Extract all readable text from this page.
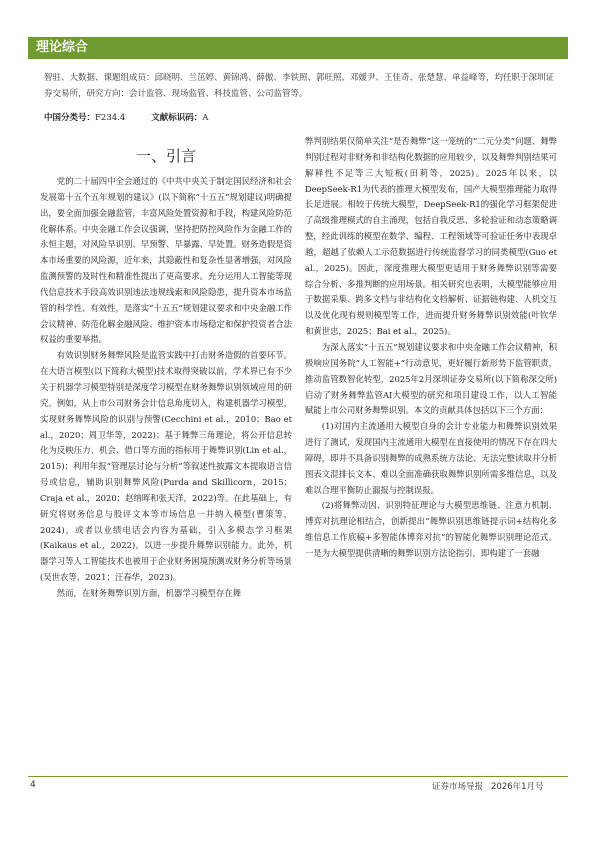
理论综合
智驻、大数据、课题组成员：邱晓明、兰茁婷、黄锦鸿、薛傲、李铁照、郭旺照、邓媛尹、王佳奇、张楚慧、单益峰等，均任职于深圳证券交易所，研究方向：会计监管、现场监管、科技监管、公司监管等。
中国分类号：F234.4	文献标识码：A
一、引言

党的二十届四中全会通过的《中共中央关于制定国民经济和社会发展第十五个五年规划的建议》(以下简称“十五五”规划建议)明确提出，要全面加强金融监管，丰富风险处置资源和手段，构建风险防范化解体系。中央金融工作会议强调，坚持把防控风险作为金融工作的永恒主题，对风险早识别、早预警、早暴露、早处置。财务造假是资本市场重要的风险源，近年来，其隐蔽性和复杂性显著增强，对风险监测预警的及时性和精准性提出了更高要求。充分运用人工智能等现代信息技术手段高效识别违法违规线索和风险隐患，提升资本市场监管的科学性、有效性，是落实“十五五”规划建议要求和中央金融工作会议精神、防范化解金融风险、维护资本市场稳定和保护投资者合法权益的重要举措。

有效识别财务舞弊风险是监管实践中打击财务造假的首要环节。在大语言模型(以下简称大模型)技术取得突破以前，学术界已有不少关于机器学习模型特别是深度学习模型在财务舞弊识别领域应用的研究。例如，从上市公司财务会计信息角度切入，构建机器学习模型，实现财务舞弊风险的识别与预警(Cecchini et al.，2010；Bao et al.，2020；周卫华等，2022)；基于舞弊三角理论，将公开信息转化为反映压力、机会、借口等方面的指标用于舞弊识别(Lin et al.，2015)；利用年报“管理层讨论与分析”等叙述性披露文本提取语言信号或信息，辅助识别舞弊风险(Purda and Skillicorn，2015；Craja et al.，2020；赵纳晖和张天洋，2022)等。在此基础上，有研究将财务信息与股评文本等市场信息一并纳入模型(曹策等，2024)，或者以业绩电话会内容为基础，引入多模态学习框架(Kaikaus et al.，2022)，以进一步提升舞弊识别能力。此外，机器学习等人工智能技术也被用于企业财务困境预测或财务分析等场景(吴世农等，2021；汪春华，2023)。

然而，在财务舞弊识别方面，机器学习模型存在舞

弊判别结果仅简单关注“是否舞弊”这一笼统的“二元分类”问题、舞弊判别过程对非财务和非结构化数据的应用较少，以及舞弊判别结果可解释性不足等三大短板(田莉等，2025)。2025年以来，以DeepSeek-R1为代表的推理大模型发布，国产大模型推理能力取得长足进展。相较于传统大模型，DeepSeek-R1的强化学习框架促进了高级推理模式的自主涌现，包括自我反思、多轮验证和动态策略调整，经此训练的模型在数学、编程、工程领域等可验证任务中表现卓越，超越了依赖人工示范数据进行传统监督学习的同类模型(Guo et al.，2025)。因此，深度推理大模型更适用于财务舞弊识别等需要综合分析、多推判断的应用场景。相关研究也表明，大模型能够应用于数据采集、跨多文档与非结构化文档解析、证据链构建、人机交互以及优化现有规则模型等工作，进而提升财务舞弊识别效能(叶钦华和黄世忠，2025；Bai et al.，2025)。

为深入落实“十五五”规划建议要求和中央金融工作会议精神，积极响应国务院“人工智能+”行动意见，更好履行新形势下监管职责，推动监管数智化转型，2025年2月深圳证券交易所(以下简称深交所)启动了财务舞弊监管AI大模型的研究和项目建设工作，以人工智能赋能上市公司财务舞弊识别。本文的贡献具体包括以下三个方面：

(1)对国内主流通用大模型自身的会计专业能力和舞弊识别效果进行了测试，发现国内主流通用大模型在直接使用的情况下存在四大障碍，即并不具备识别舞弊的成熟系统方法论、无法完整读取并分析图表文混排长文本、难以全面准确获取舞弊识别所需多维信息，以及难以合理平衡防止漏报与控制误报。

(2)将舞弊动因、识别特征理论与大模型思维链、注意力机制、博弈对抗理论相结合，创新提出“舞弊识别思维链提示词+结构化多维信息工作底稿+多智能体博弈对抗”的智能化舞弊识别理论范式。一是为大模型提供清晰的舞弊识别方法论指引，即构建了一套融

4	证券市场导报 2026年1月号
